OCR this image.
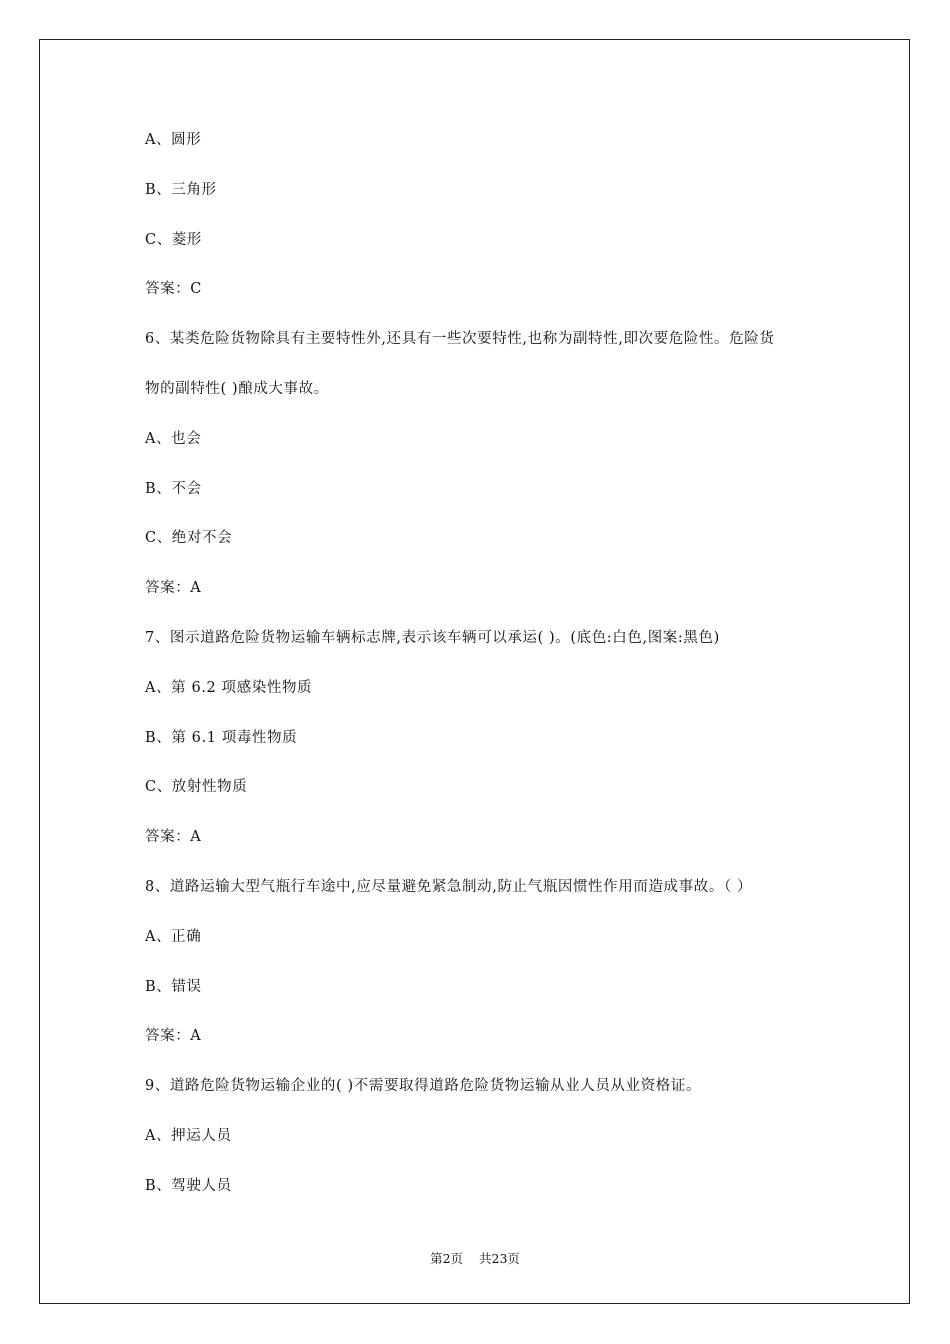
A、圆形
B、三角形
C、菱形
答案：C
6、某类危险货物除具有主要特性外,还具有一些次要特性,也称为副特性,即次要危险性。危险货
物的副特性( )酿成大事故。
A、也会
B、不会
C、绝对不会
答案：A
7、图示道路危险货物运输车辆标志牌,表示该车辆可以承运( )。(底色:白色,图案:黑色)
A、第 6.2 项感染性物质
B、第 6.1 项毒性物质
C、放射性物质
答案：A
8、道路运输大型气瓶行车途中,应尽量避免紧急制动,防止气瓶因惯性作用而造成事故。（ ）
A、正确
B、错误
答案：A
9、道路危险货物运输企业的( )不需要取得道路危险货物运输从业人员从业资格证。
A、押运人员
B、驾驶人员
第2页 共23页
